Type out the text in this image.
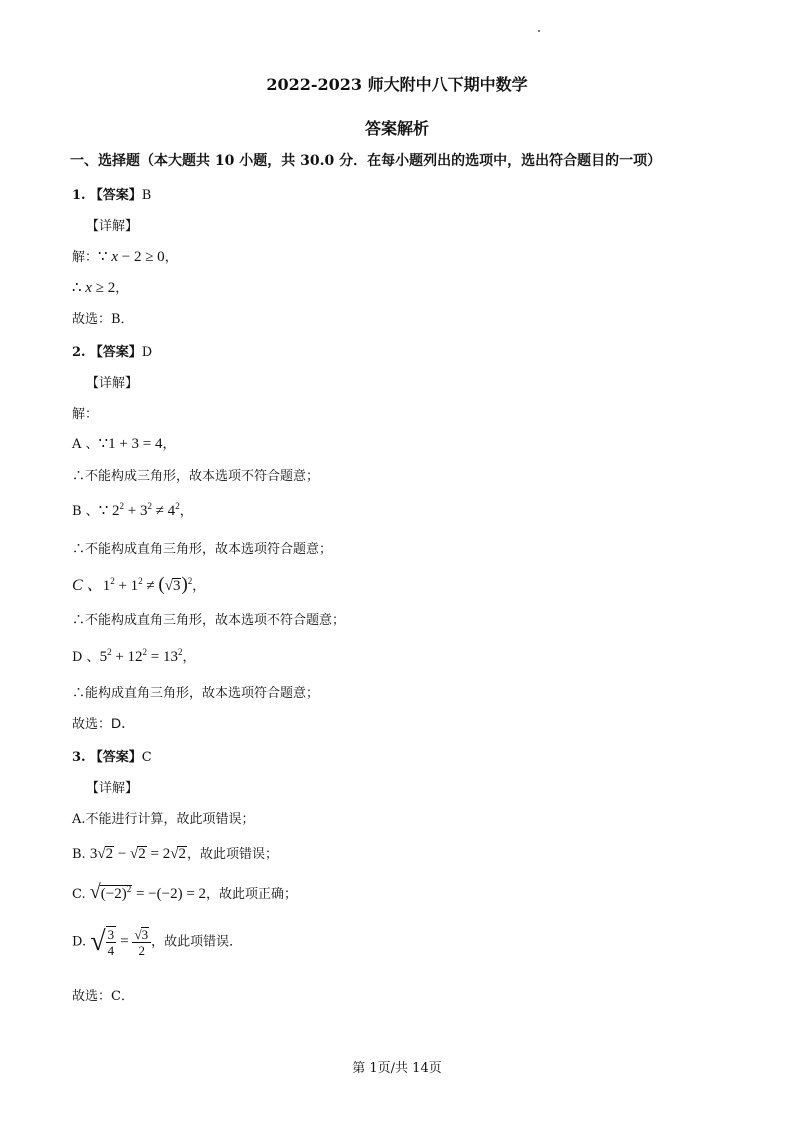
2022-2023 师大附中八下期中数学
答案解析
一、选择题（本大题共 10 小题，共 30.0 分．在每小题列出的选项中，选出符合题目的一项）
1. 【答案】B
【详解】
解：∵ x − 2 ≥ 0，
∴ x ≥ 2，
故选：B．
2. 【答案】D
【详解】
解：
A 、∵1 + 3 = 4，
∴不能构成三角形，故本选项不符合题意；
B 、∵ $2^2 + 3^2 \ne 4^2$，
∴不能构成直角三角形，故本选项符合题意；
C 、$1^2 + 1^2 \ne (√3)^2$，
∴不能构成直角三角形，故本选项不符合题意；
D 、$5^2 + 12^2 = 13^2$，
∴能构成直角三角形，故本选项符合题意；
故选：D．
3. 【答案】C
【详解】
A.不能进行计算，故此项错误；
B. 3√2 − √2 = 2√2，故此项错误；
C. $√(-2)^2 = -(-2) = 2$，故此项正确；
D. √ $\frac{3}{4} = \frac{√3}{2}$ ，故此项错误．
故选：C．
第 1页/共 14页
